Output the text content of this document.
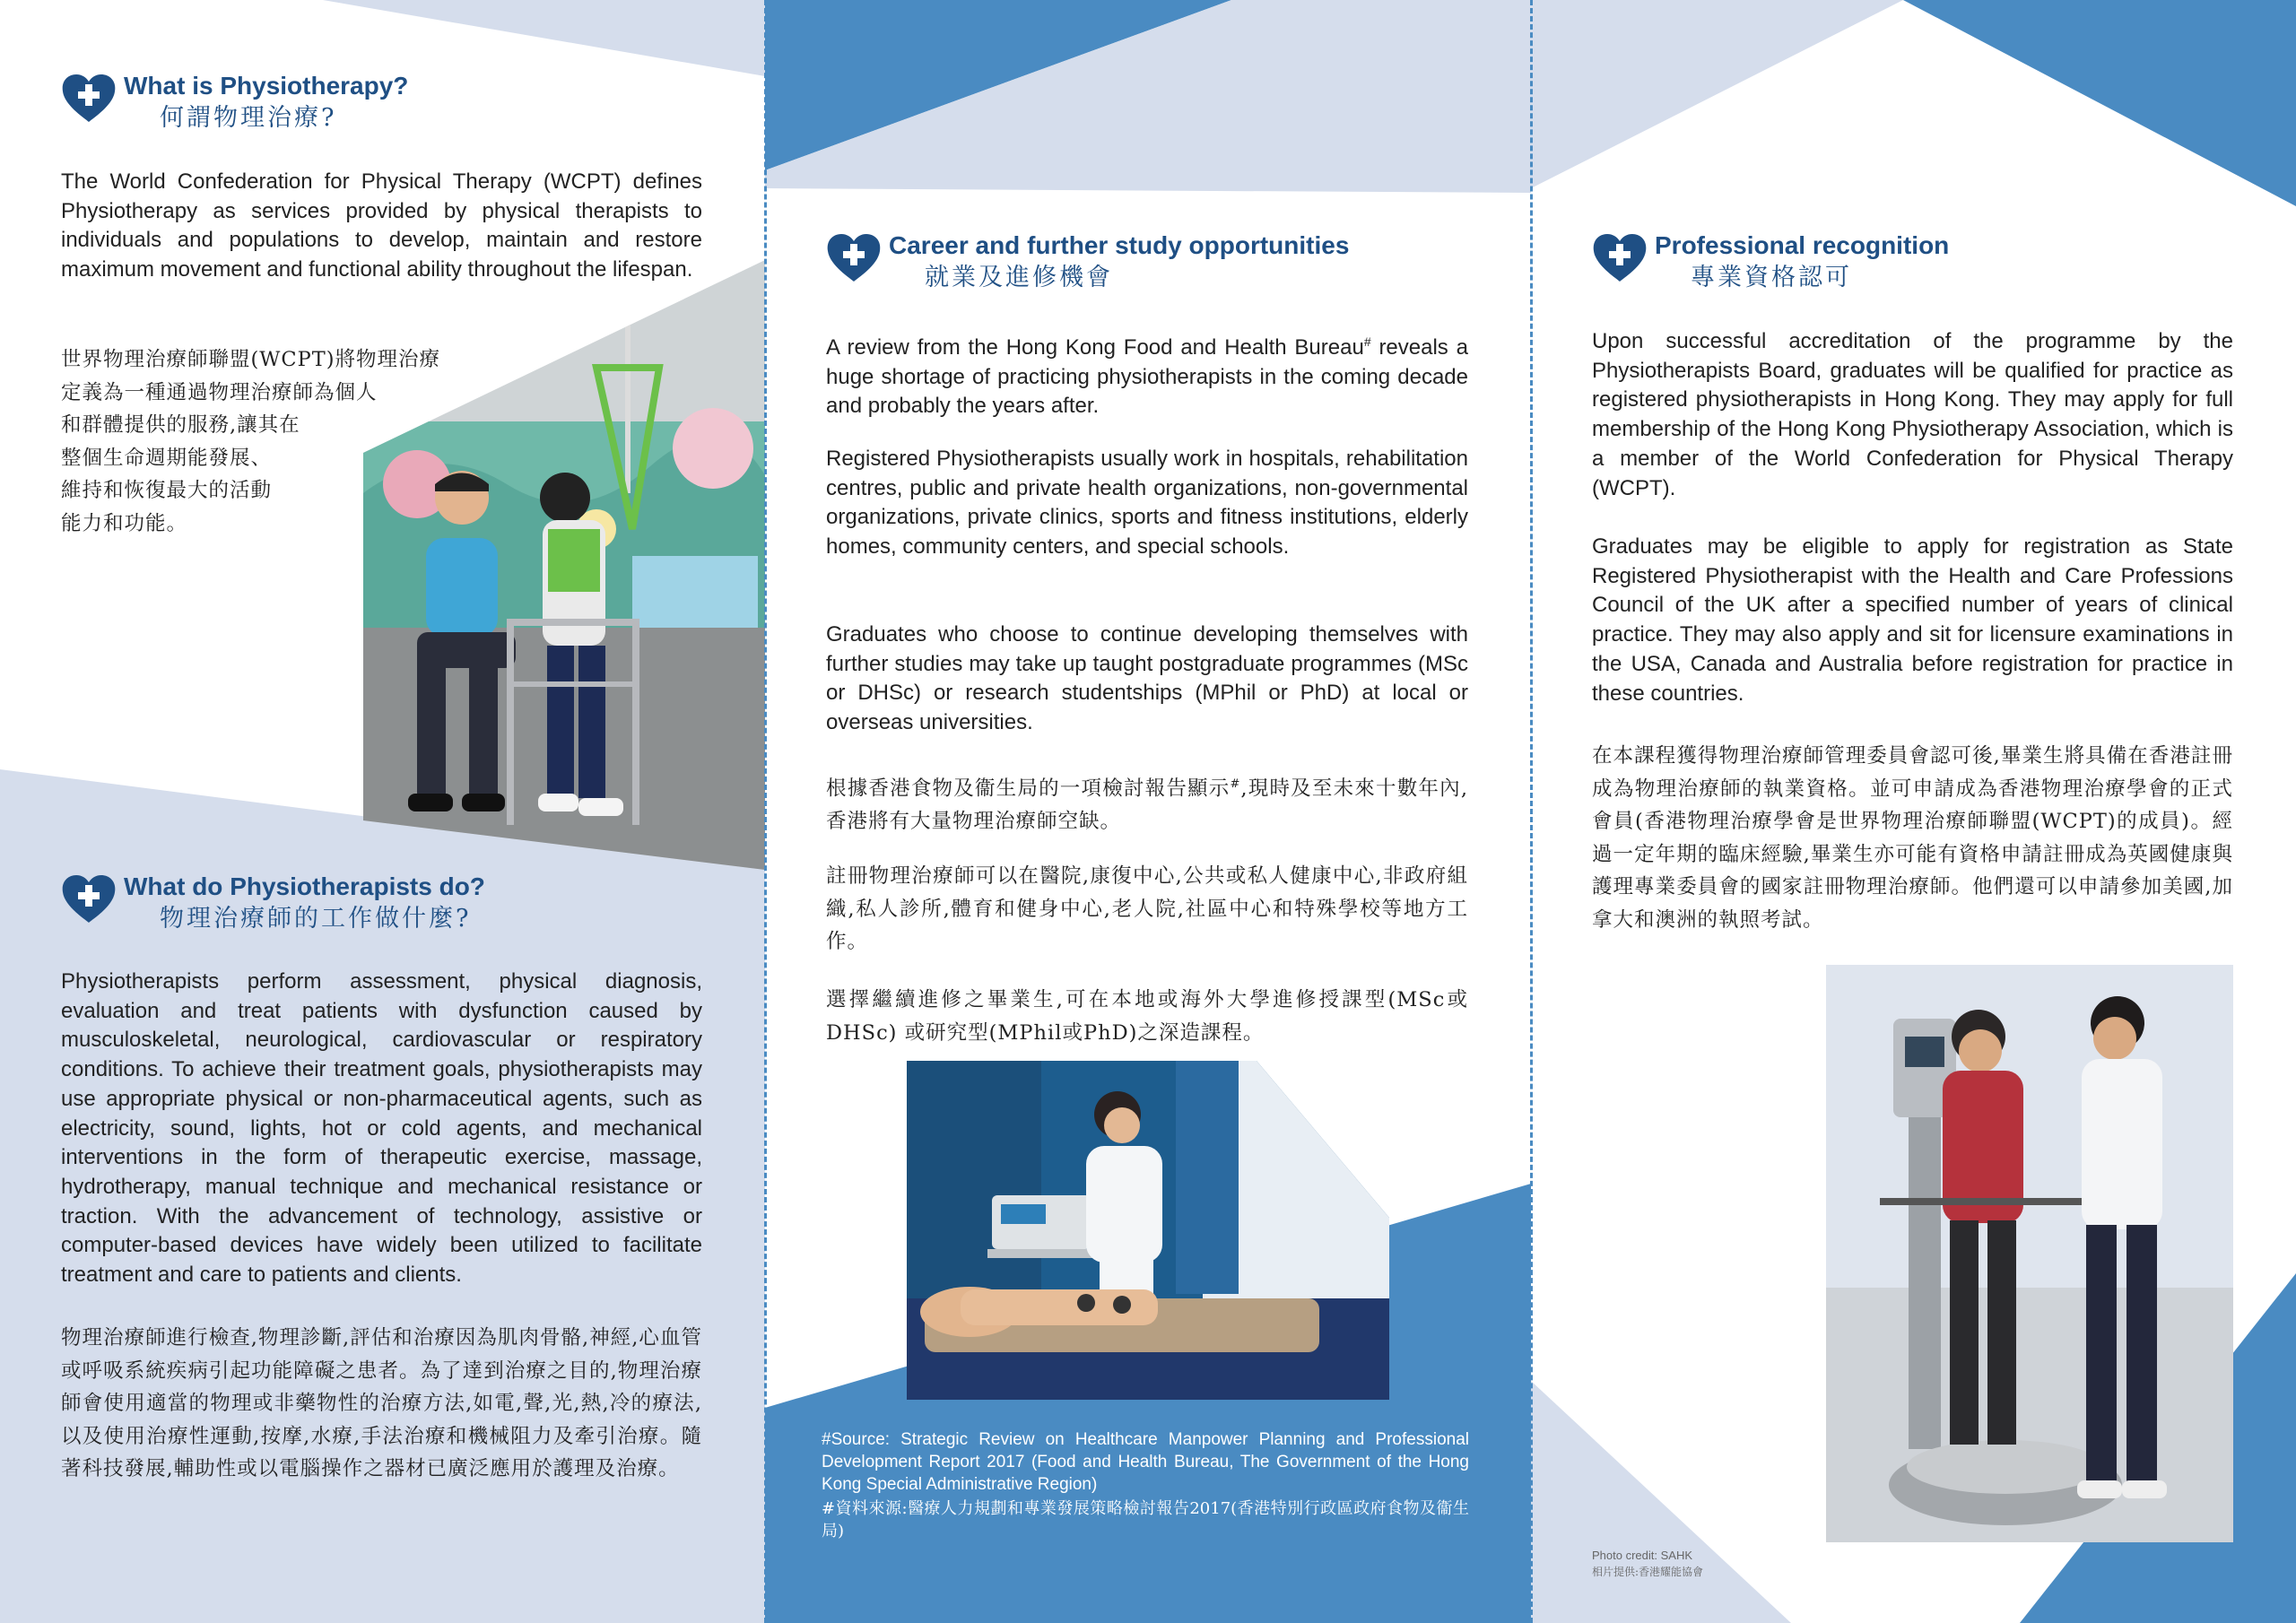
What is Physiotherapy?
何謂物理治療?

The World Confederation for Physical Therapy (WCPT) defines Physiotherapy as services provided by physical therapists to individuals and populations to develop, maintain and restore maximum movement and functional ability throughout the lifespan.

世界物理治療師聯盟(WCPT)將物理治療
定義為一種通過物理治療師為個人
和群體提供的服務,讓其在
整個生命週期能發展、
維持和恢復最大的活動
能力和功能。
What do Physiotherapists do?
物理治療師的工作做什麼?

Physiotherapists perform assessment, physical diagnosis, evaluation and treat patients with dysfunction caused by musculoskeletal, neurological, cardiovascular or respiratory conditions. To achieve their treatment goals, physiotherapists may use appropriate physical or non-pharmaceutical agents, such as electricity, sound, lights, hot or cold agents, and mechanical interventions in the form of therapeutic exercise, massage, hydrotherapy, manual technique and mechanical resistance or traction. With the advancement of technology, assistive or computer-based devices have widely been utilized to facilitate treatment and care to patients and clients.

物理治療師進行檢查,物理診斷,評估和治療因為肌肉骨骼,神經,心血管或呼吸系統疾病引起功能障礙之患者。為了達到治療之目的,物理治療師會使用適當的物理或非藥物性的治療方法,如電,聲,光,熱,冷的療法,以及使用治療性運動,按摩,水療,手法治療和機械阻力及牽引治療。隨著科技發展,輔助性或以電腦操作之器材已廣泛應用於護理及治療。

Career and further study opportunities
就業及進修機會

A review from the Hong Kong Food and Health Bureau# reveals a huge shortage of practicing physiotherapists in the coming decade and probably the years after.

Registered Physiotherapists usually work in hospitals, rehabilitation centres, public and private health organizations, non-governmental organizations, private clinics, sports and fitness institutions, elderly homes, community centers, and special schools.

Graduates who choose to continue developing themselves with further studies may take up taught postgraduate programmes (MSc or DHSc) or research studentships (MPhil or PhD) at local or overseas universities.

根據香港食物及衞生局的一項檢討報告顯示#,現時及至未來十數年內,香港將有大量物理治療師空缺。

註冊物理治療師可以在醫院,康復中心,公共或私人健康中心,非政府組織,私人診所,體育和健身中心,老人院,社區中心和特殊學校等地方工作。

選擇繼續進修之畢業生,可在本地或海外大學進修授課型(MSc或DHSc) 或研究型(MPhil或PhD)之深造課程。

#Source: Strategic Review on Healthcare Manpower Planning and Professional Development Report 2017 (Food and Health Bureau, The Government of the Hong Kong Special Administrative Region)

#資料來源:醫療人力規劃和專業發展策略檢討報告2017(香港特別行政區政府食物及衞生局)

Professional recognition
專業資格認可

Upon successful accreditation of the programme by the Physiotherapists Board, graduates will be qualified for practice as registered physiotherapists in Hong Kong. They may apply for full membership of the Hong Kong Physiotherapy Association, which is a member of the World Confederation for Physical Therapy (WCPT).

Graduates may be eligible to apply for registration as State Registered Physiotherapist with the Health and Care Professions Council of the UK after a specified number of years of clinical practice. They may also apply and sit for licensure examinations in the USA, Canada and Australia before registration for practice in these countries.

在本課程獲得物理治療師管理委員會認可後,畢業生將具備在香港註冊成為物理治療師的執業資格。並可申請成為香港物理治療學會的正式會員(香港物理治療學會是世界物理治療師聯盟(WCPT)的成員)。經過一定年期的臨床經驗,畢業生亦可能有資格申請註冊成為英國健康與護理專業委員會的國家註冊物理治療師。他們還可以申請參加美國,加拿大和澳洲的執照考試。

Photo credit: SAHK

相片提供:香港耀能協會
